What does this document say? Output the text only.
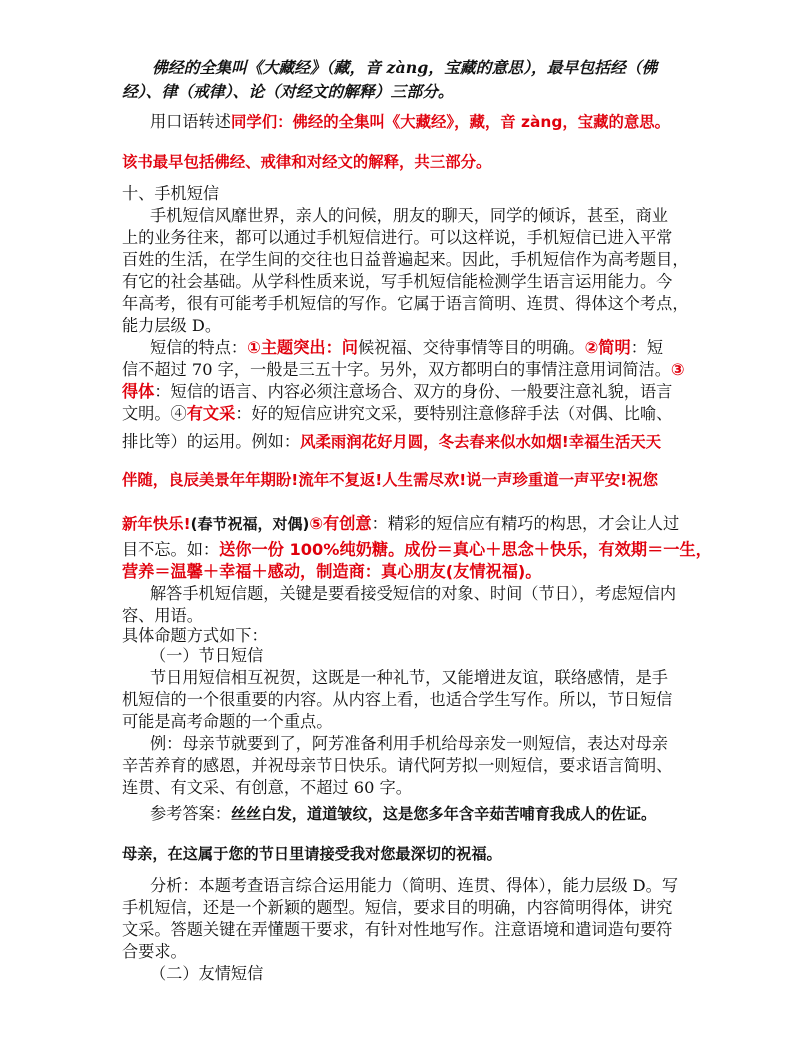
佛经的全集叫《大藏经》（藏，音 zàng，宝藏的意思），最早包括经（佛
经）、律（戒律）、论（对经文的解释）三部分。
用口语转述同学们：佛经的全集叫《大藏经》，藏，音 zàng，宝藏的意思。
该书最早包括佛经、戒律和对经文的解释，共三部分。
十、手机短信
手机短信风靡世界，亲人的问候，朋友的聊天，同学的倾诉，甚至，商业
上的业务往来，都可以通过手机短信进行。可以这样说，手机短信已进入平常
百姓的生活，在学生间的交往也日益普遍起来。因此，手机短信作为高考题目，
有它的社会基础。从学科性质来说，写手机短信能检测学生语言运用能力。今
年高考，很有可能考手机短信的写作。它属于语言简明、连贯、得体这个考点，
能力层级 D。
短信的特点：①主题突出：问候祝福、交待事情等目的明确。②简明：短
信不超过 70 字，一般是三五十字。另外，双方都明白的事情注意用词简洁。③
得体：短信的语言、内容必须注意场合、双方的身份、一般要注意礼貌，语言
文明。④有文采：好的短信应讲究文采，要特别注意修辞手法（对偶、比喻、
排比等）的运用。例如：风柔雨润花好月圆，冬去春来似水如烟!幸福生活天天
伴随，良辰美景年年期盼!流年不复返!人生需尽欢!说一声珍重道一声平安!祝您
新年快乐!(春节祝福，对偶)⑤有创意：精彩的短信应有精巧的构思，才会让人过
目不忘。如：送你一份 100%纯奶糖。成份＝真心＋思念＋快乐，有效期＝一生，
营养＝温馨＋幸福＋感动，制造商：真心朋友(友情祝福)。
解答手机短信题，关键是要看接受短信的对象、时间（节日），考虑短信内
容、用语。
具体命题方式如下：
（一）节日短信
节日用短信相互祝贺，这既是一种礼节，又能增进友谊，联络感情，是手
机短信的一个很重要的内容。从内容上看，也适合学生写作。所以，节日短信
可能是高考命题的一个重点。
例：母亲节就要到了，阿芳准备利用手机给母亲发一则短信，表达对母亲
辛苦养育的感恩，并祝母亲节日快乐。请代阿芳拟一则短信，要求语言简明、
连贯、有文采、有创意，不超过 60 字。
参考答案：丝丝白发，道道皱纹，这是您多年含辛茹苦哺育我成人的佐证。
母亲，在这属于您的节日里请接受我对您最深切的祝福。
分析：本题考查语言综合运用能力（简明、连贯、得体），能力层级 D。写
手机短信，还是一个新颖的题型。短信，要求目的明确，内容简明得体，讲究
文采。答题关键在弄懂题干要求，有针对性地写作。注意语境和遣词造句要符
合要求。
（二）友情短信
